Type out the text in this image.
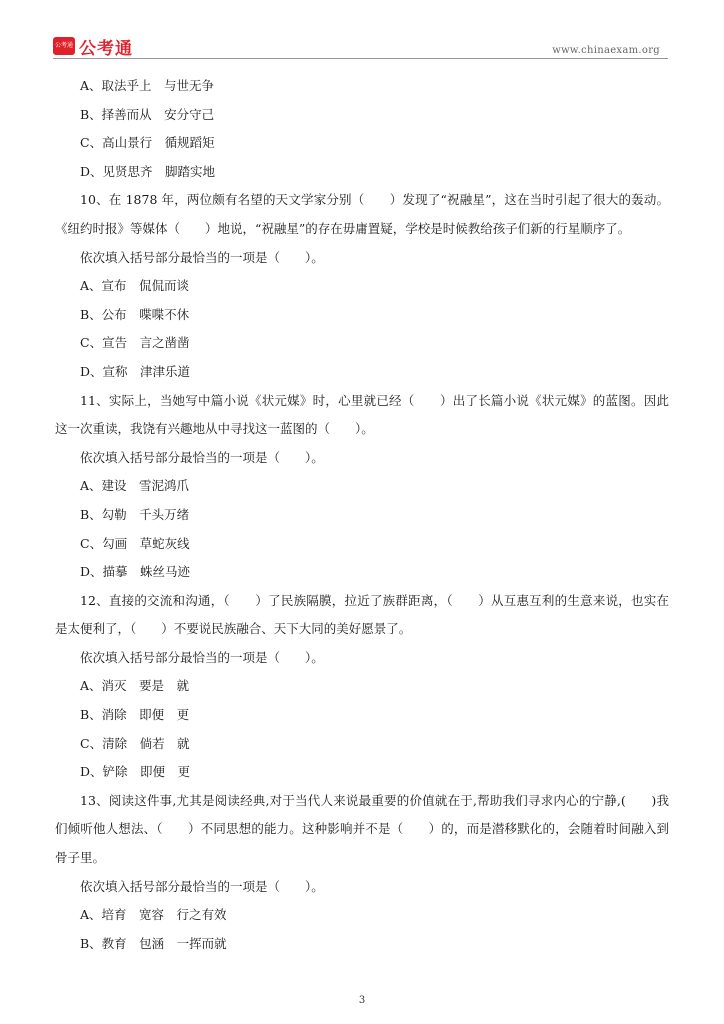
公考通 公考通	www.chinaexam.org
A、取法乎上　与世无争
B、择善而从　安分守己
C、高山景行　循规蹈矩
D、见贤思齐　脚踏实地
10、在 1878 年，两位颇有名望的天文学家分别（　　）发现了“祝融星”，这在当时引起了很大的轰动。《纽约时报》等媒体（　　）地说，“祝融星”的存在毋庸置疑，学校是时候教给孩子们新的行星顺序了。
依次填入括号部分最恰当的一项是（　　）。
A、宣布　侃侃而谈
B、公布　喋喋不休
C、宣告　言之凿凿
D、宣称　津津乐道
11、实际上，当她写中篇小说《状元媒》时，心里就已经（　　）出了长篇小说《状元媒》的蓝图。因此这一次重读，我饶有兴趣地从中寻找这一蓝图的（　　）。
依次填入括号部分最恰当的一项是（　　）。
A、建设　雪泥鸿爪
B、勾勒　千头万绪
C、勾画　草蛇灰线
D、描摹　蛛丝马迹
12、直接的交流和沟通，（　　）了民族隔膜，拉近了族群距离，（　　）从互惠互利的生意来说，也实在是太便利了，（　　）不要说民族融合、天下大同的美好愿景了。
依次填入括号部分最恰当的一项是（　　）。
A、消灭　要是　就
B、消除　即便　更
C、清除　倘若　就
D、铲除　即便　更
13、阅读这件事,尤其是阅读经典,对于当代人来说最重要的价值就在于,帮助我们寻求内心的宁静,(　　)我们倾听他人想法、（　　）不同思想的能力。这种影响并不是（　　）的，而是潜移默化的，会随着时间融入到骨子里。
依次填入括号部分最恰当的一项是（　　）。
A、培育　宽容　行之有效
B、教育　包涵　一挥而就
3
